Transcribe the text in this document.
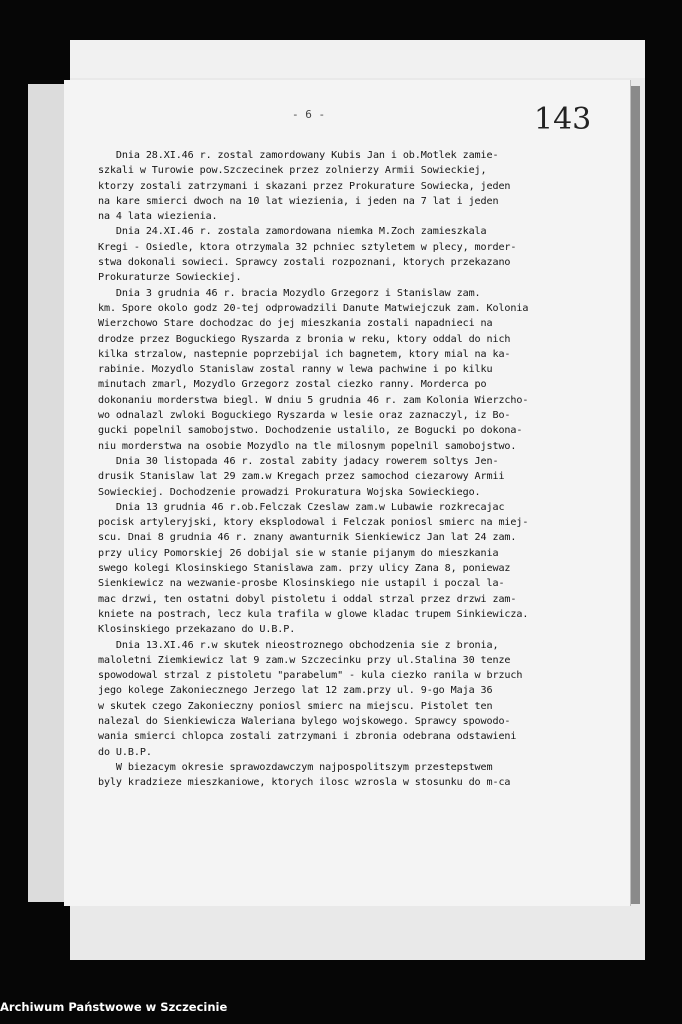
- 6 -	143
Dnia 28.XI.46 r. zostal zamordowany Kubis Jan i ob.Motlek zamie-
szkali w Turowie pow.Szczecinek przez zolnierzy Armii Sowieckiej,
ktorzy zostali zatrzymani i skazani przez Prokurature Sowiecka, jeden
na kare smierci dwoch na 10 lat wiezienia, i jeden na 7 lat i jeden
na 4 lata wiezienia.
Dnia 24.XI.46 r. zostala zamordowana niemka M.Zoch zamieszkala
Kregi - Osiedle, ktora otrzymala 32 pchniec sztyletem w plecy, morder-
stwa dokonali sowieci. Sprawcy zostali rozpoznani, ktorych przekazano
Prokuraturze Sowieckiej.
Dnia 3 grudnia 46 r. bracia Mozydlo Grzegorz i Stanislaw zam.
km. Spore okolo godz 20-tej odprowadzili Danute Matwiejczuk zam. Kolonia
Wierzchowo Stare dochodzac do jej mieszkania zostali napadnieci na
drodze przez Boguckiego Ryszarda z bronia w reku, ktory oddal do nich
kilka strzalow, nastepnie poprzebijal ich bagnetem, ktory mial na ka-
rabinie. Mozydlo Stanislaw zostal ranny w lewa pachwine i po kilku
minutach zmarl, Mozydlo Grzegorz zostal ciezko ranny. Morderca po
dokonaniu morderstwa biegl. W dniu 5 grudnia 46 r. zam Kolonia Wierzcho-
wo odnalazl zwloki Boguckiego Ryszarda w lesie oraz zaznaczyl, iz Bo-
gucki popelnil samobojstwo. Dochodzenie ustalilo, ze Bogucki po dokona-
niu morderstwa na osobie Mozydlo na tle milosnym popelnil samobojstwo.
Dnia 30 listopada 46 r. zostal zabity jadacy rowerem soltys Jen-
drusik Stanislaw lat 29 zam.w Kregach przez samochod ciezarowy Armii
Sowieckiej. Dochodzenie prowadzi Prokuratura Wojska Sowieckiego.
Dnia 13 grudnia 46 r.ob.Felczak Czeslaw zam.w Lubawie rozkrecajac
pocisk artyleryjski, ktory eksplodowal i Felczak poniosl smierc na miej-
scu. Dnai 8 grudnia 46 r. znany awanturnik Sienkiewicz Jan lat 24 zam.
przy ulicy Pomorskiej 26 dobijal sie w stanie pijanym do mieszkania
swego kolegi Klosinskiego Stanislawa zam. przy ulicy Zana 8, poniewaz
Sienkiewicz na wezwanie-prosbe Klosinskiego nie ustapil i poczal la-
mac drzwi, ten ostatni dobyl pistoletu i oddal strzal przez drzwi zam-
kniete na postrach, lecz kula trafila w glowe kladac trupem Sinkiewicza.
Klosinskiego przekazano do U.B.P.
Dnia 13.XI.46 r.w skutek nieostroznego obchodzenia sie z bronia,
maloletni Ziemkiewicz lat 9 zam.w Szczecinku przy ul.Stalina 30 tenze
spowodowal strzal z pistoletu "parabelum" - kula ciezko ranila w brzuch
jego kolege Zakoniecznego Jerzego lat 12 zam.przy ul. 9-go Maja 36
w skutek czego Zakonieczny poniosl smierc na miejscu. Pistolet ten
nalezal do Sienkiewicza Waleriana bylego wojskowego. Sprawcy spowodo-
wania smierci chlopca zostali zatrzymani i zbronia odebrana odstawieni
do U.B.P.
W biezacym okresie sprawozdawczym najpospolitszym przestepstwem
byly kradzieze mieszkaniowe, ktorych ilosc wzrosla w stosunku do m-ca
Archiwum Państwowe w Szczecinie
